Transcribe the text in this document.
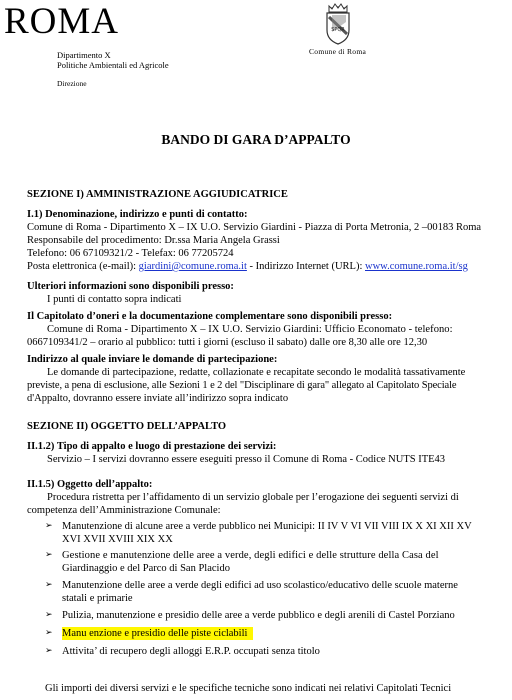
ROMA
Dipartimento X
Politiche Ambientali ed Agricole
Direzione
SPQR
Comune di Roma
BANDO DI GARA D’APPALTO
SEZIONE I) AMMINISTRAZIONE AGGIUDICATRICE
I.1) Denominazione, indirizzo e punti di contatto:
Comune di Roma - Dipartimento X – IX U.O. Servizio Giardini - Piazza di Porta Metronia, 2 –00183 Roma
Responsabile del procedimento: Dr.ssa Maria Angela Grassi
Telefono: 06 67109321/2 - Telefax: 06 77205724
Posta elettronica (e-mail): giardini@comune.roma.it - Indirizzo Internet (URL): www.comune.roma.it/sg
Ulteriori informazioni sono disponibili presso:
I punti di contatto sopra indicati
Il Capitolato d’oneri e la documentazione complementare sono disponibili presso:
Comune di Roma - Dipartimento X – IX U.O. Servizio Giardini: Ufficio Economato - telefono:
0667109341/2 – orario al pubblico: tutti i giorni (escluso il sabato) dalle ore 8,30 alle ore 12,30
Indirizzo al quale inviare le domande di partecipazione:
Le domande di partecipazione, redatte, collazionate e recapitate secondo le modalità tassativamente
previste, a pena di esclusione, alle Sezioni 1 e 2 del "Disciplinare di gara" allegato al Capitolato Speciale
d'Appalto, dovranno essere inviate all’indirizzo sopra indicato
SEZIONE II) OGGETTO DELL’APPALTO
II.1.2) Tipo di appalto e luogo di prestazione dei servizi:
Servizio – I servizi dovranno essere eseguiti presso il Comune di Roma - Codice NUTS ITE43
II.1.5) Oggetto dell’appalto:
Procedura ristretta per l’affidamento di un servizio globale per l’erogazione dei seguenti servizi di
competenza dell’Amministrazione Comunale:
➢ Manutenzione di alcune aree a verde pubblico nei Municipi: II IV V VI VII VIII IX X XI XII XV
XVI XVII XVIII XIX XX
➢ Gestione e manutenzione delle aree a verde, degli edifici e delle strutture della Casa del
Giardinaggio e del Parco di San Placido
➢ Manutenzione delle aree a verde degli edifici ad uso scolastico/educativo delle scuole materne
statali e primarie
➢ Pulizia, manutenzione e presidio delle aree a verde pubblico e degli arenili di Castel Porziano
➢ Manu enzione e presidio delle piste ciclabili
➢ Attivita’ di recupero degli alloggi E.R.P. occupati senza titolo
Gli importi dei diversi servizi e le specifiche tecniche sono indicati nei relativi Capitolati Tecnici
